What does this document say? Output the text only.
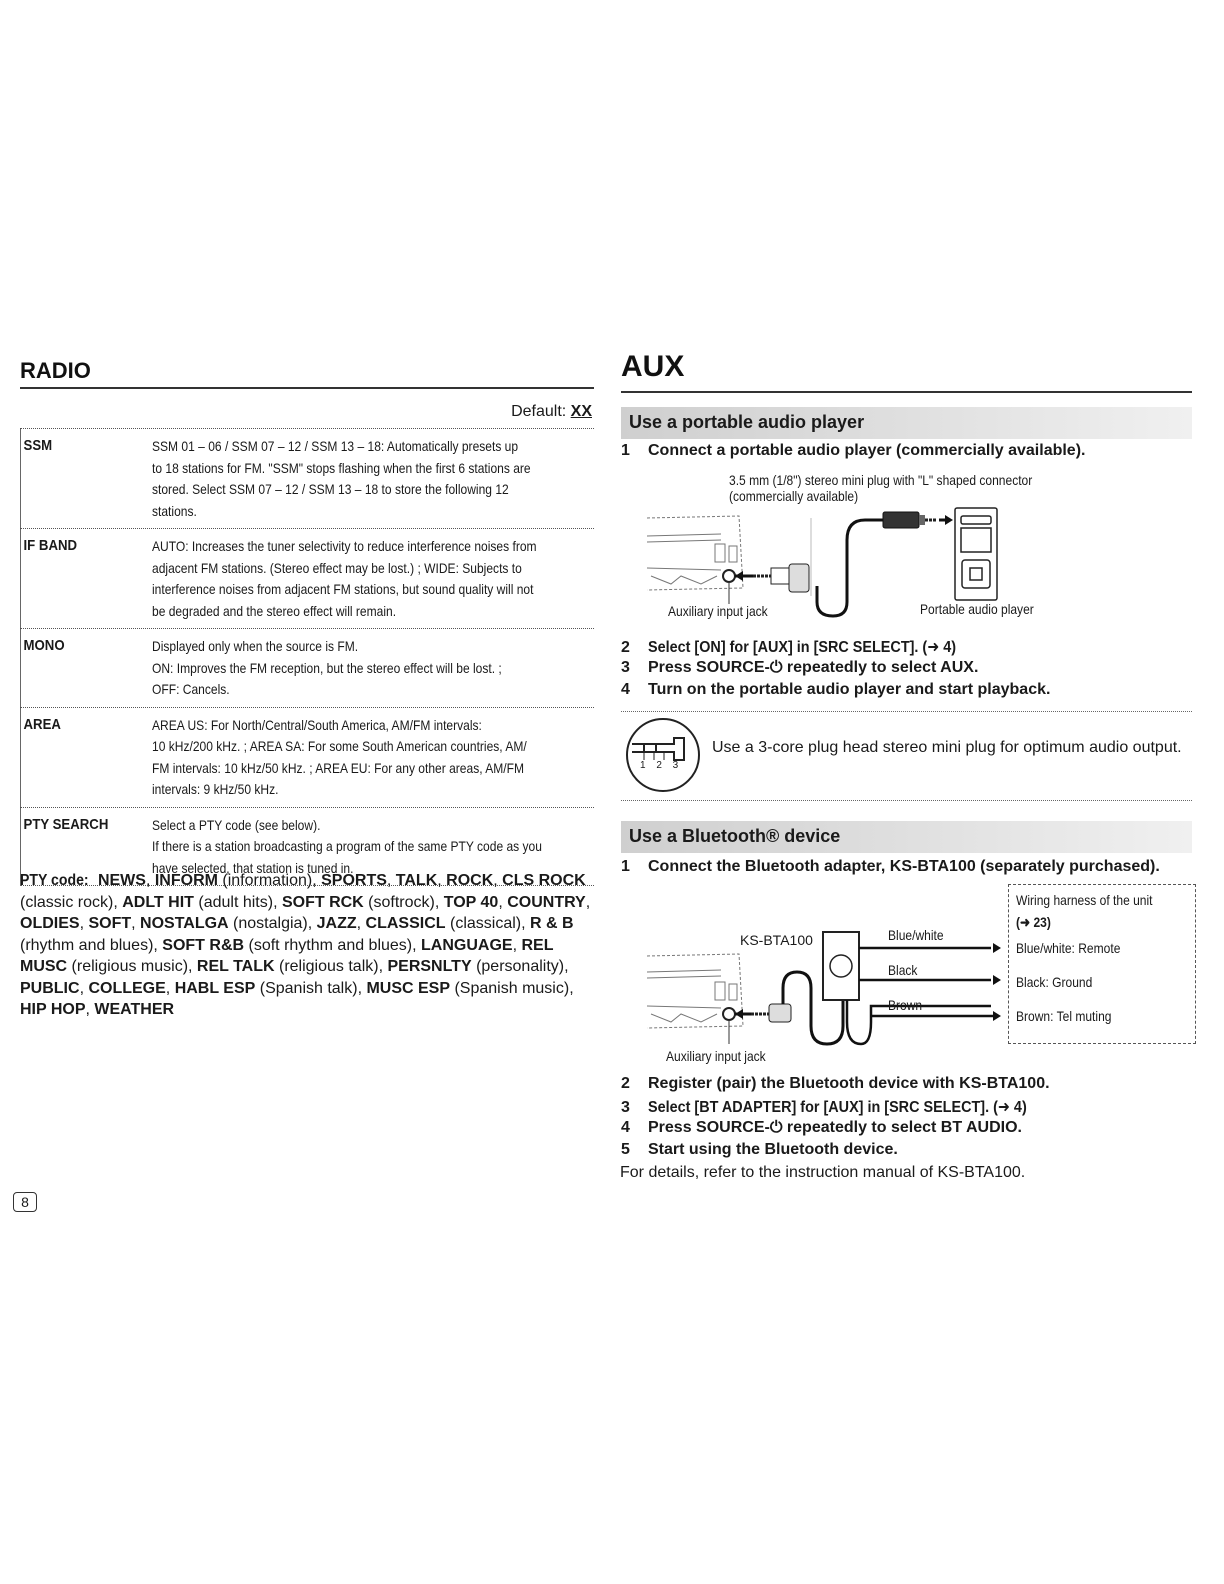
RADIO
Default: XX
SSM	SSM 01 – 06 / SSM 07 – 12 / SSM 13 – 18: Automatically presets up
to 18 stations for FM. "SSM" stops flashing when the first 6 stations are
stored. Select SSM 07 – 12 / SSM 13 – 18 to store the following 12
stations.
IF BAND	AUTO: Increases the tuner selectivity to reduce interference noises from
adjacent FM stations. (Stereo effect may be lost.) ; WIDE: Subjects to
interference noises from adjacent FM stations, but sound quality will not
be degraded and the stereo effect will remain.
MONO	Displayed only when the source is FM.
ON: Improves the FM reception, but the stereo effect will be lost. ;
OFF: Cancels.
AREA	AREA US: For North/Central/South America, AM/FM intervals:
10 kHz/200 kHz. ; AREA SA: For some South American countries, AM/
FM intervals: 10 kHz/50 kHz. ; AREA EU: For any other areas, AM/FM
intervals: 9 kHz/50 kHz.
PTY SEARCH	Select a PTY code (see below).
If there is a station broadcasting a program of the same PTY code as you
have selected, that station is tuned in.
PTY code:NEWS, INFORM (information), SPORTS, TALK, ROCK, CLS ROCK (classic rock), ADLT HIT (adult hits), SOFT RCK (softrock), TOP 40, COUNTRY, OLDIES, SOFT, NOSTALGA (nostalgia), JAZZ, CLASSICL (classical), R & B (rhythm and blues), SOFT R&B (soft rhythm and blues), LANGUAGE, REL MUSC (religious music), REL TALK (religious talk), PERSNLTY (personality), PUBLIC, COLLEGE, HABL ESP (Spanish talk), MUSC ESP (Spanish music), HIP HOP, WEATHER
8
AUX
Use a portable audio player
1 Connect a portable audio player (commercially available).
3.5 mm (1/8") stereo mini plug with "L" shaped connector
(commercially available)
Auxiliary input jack	Portable audio player
2 Select [ON] for [AUX] in [SRC SELECT]. (➜ 4)
3 Press SOURCE-⏻ repeatedly to select AUX.
4 Turn on the portable audio player and start playback.
1 2 3
Use a 3-core plug head stereo mini plug for optimum audio output.
Use a Bluetooth® device
1 Connect the Bluetooth adapter, KS-BTA100 (separately purchased).
Wiring harness of the unit
(➜ 23)
Blue/white: Remote
Black: Ground
Brown: Tel muting
KS-BTA100	Blue/white
Black
Brown
Auxiliary input jack
2 Register (pair) the Bluetooth device with KS-BTA100.
3 Select [BT ADAPTER] for [AUX] in [SRC SELECT]. (➜ 4)
4 Press SOURCE-⏻ repeatedly to select BT AUDIO.
5 Start using the Bluetooth device.
For details, refer to the instruction manual of KS-BTA100.
